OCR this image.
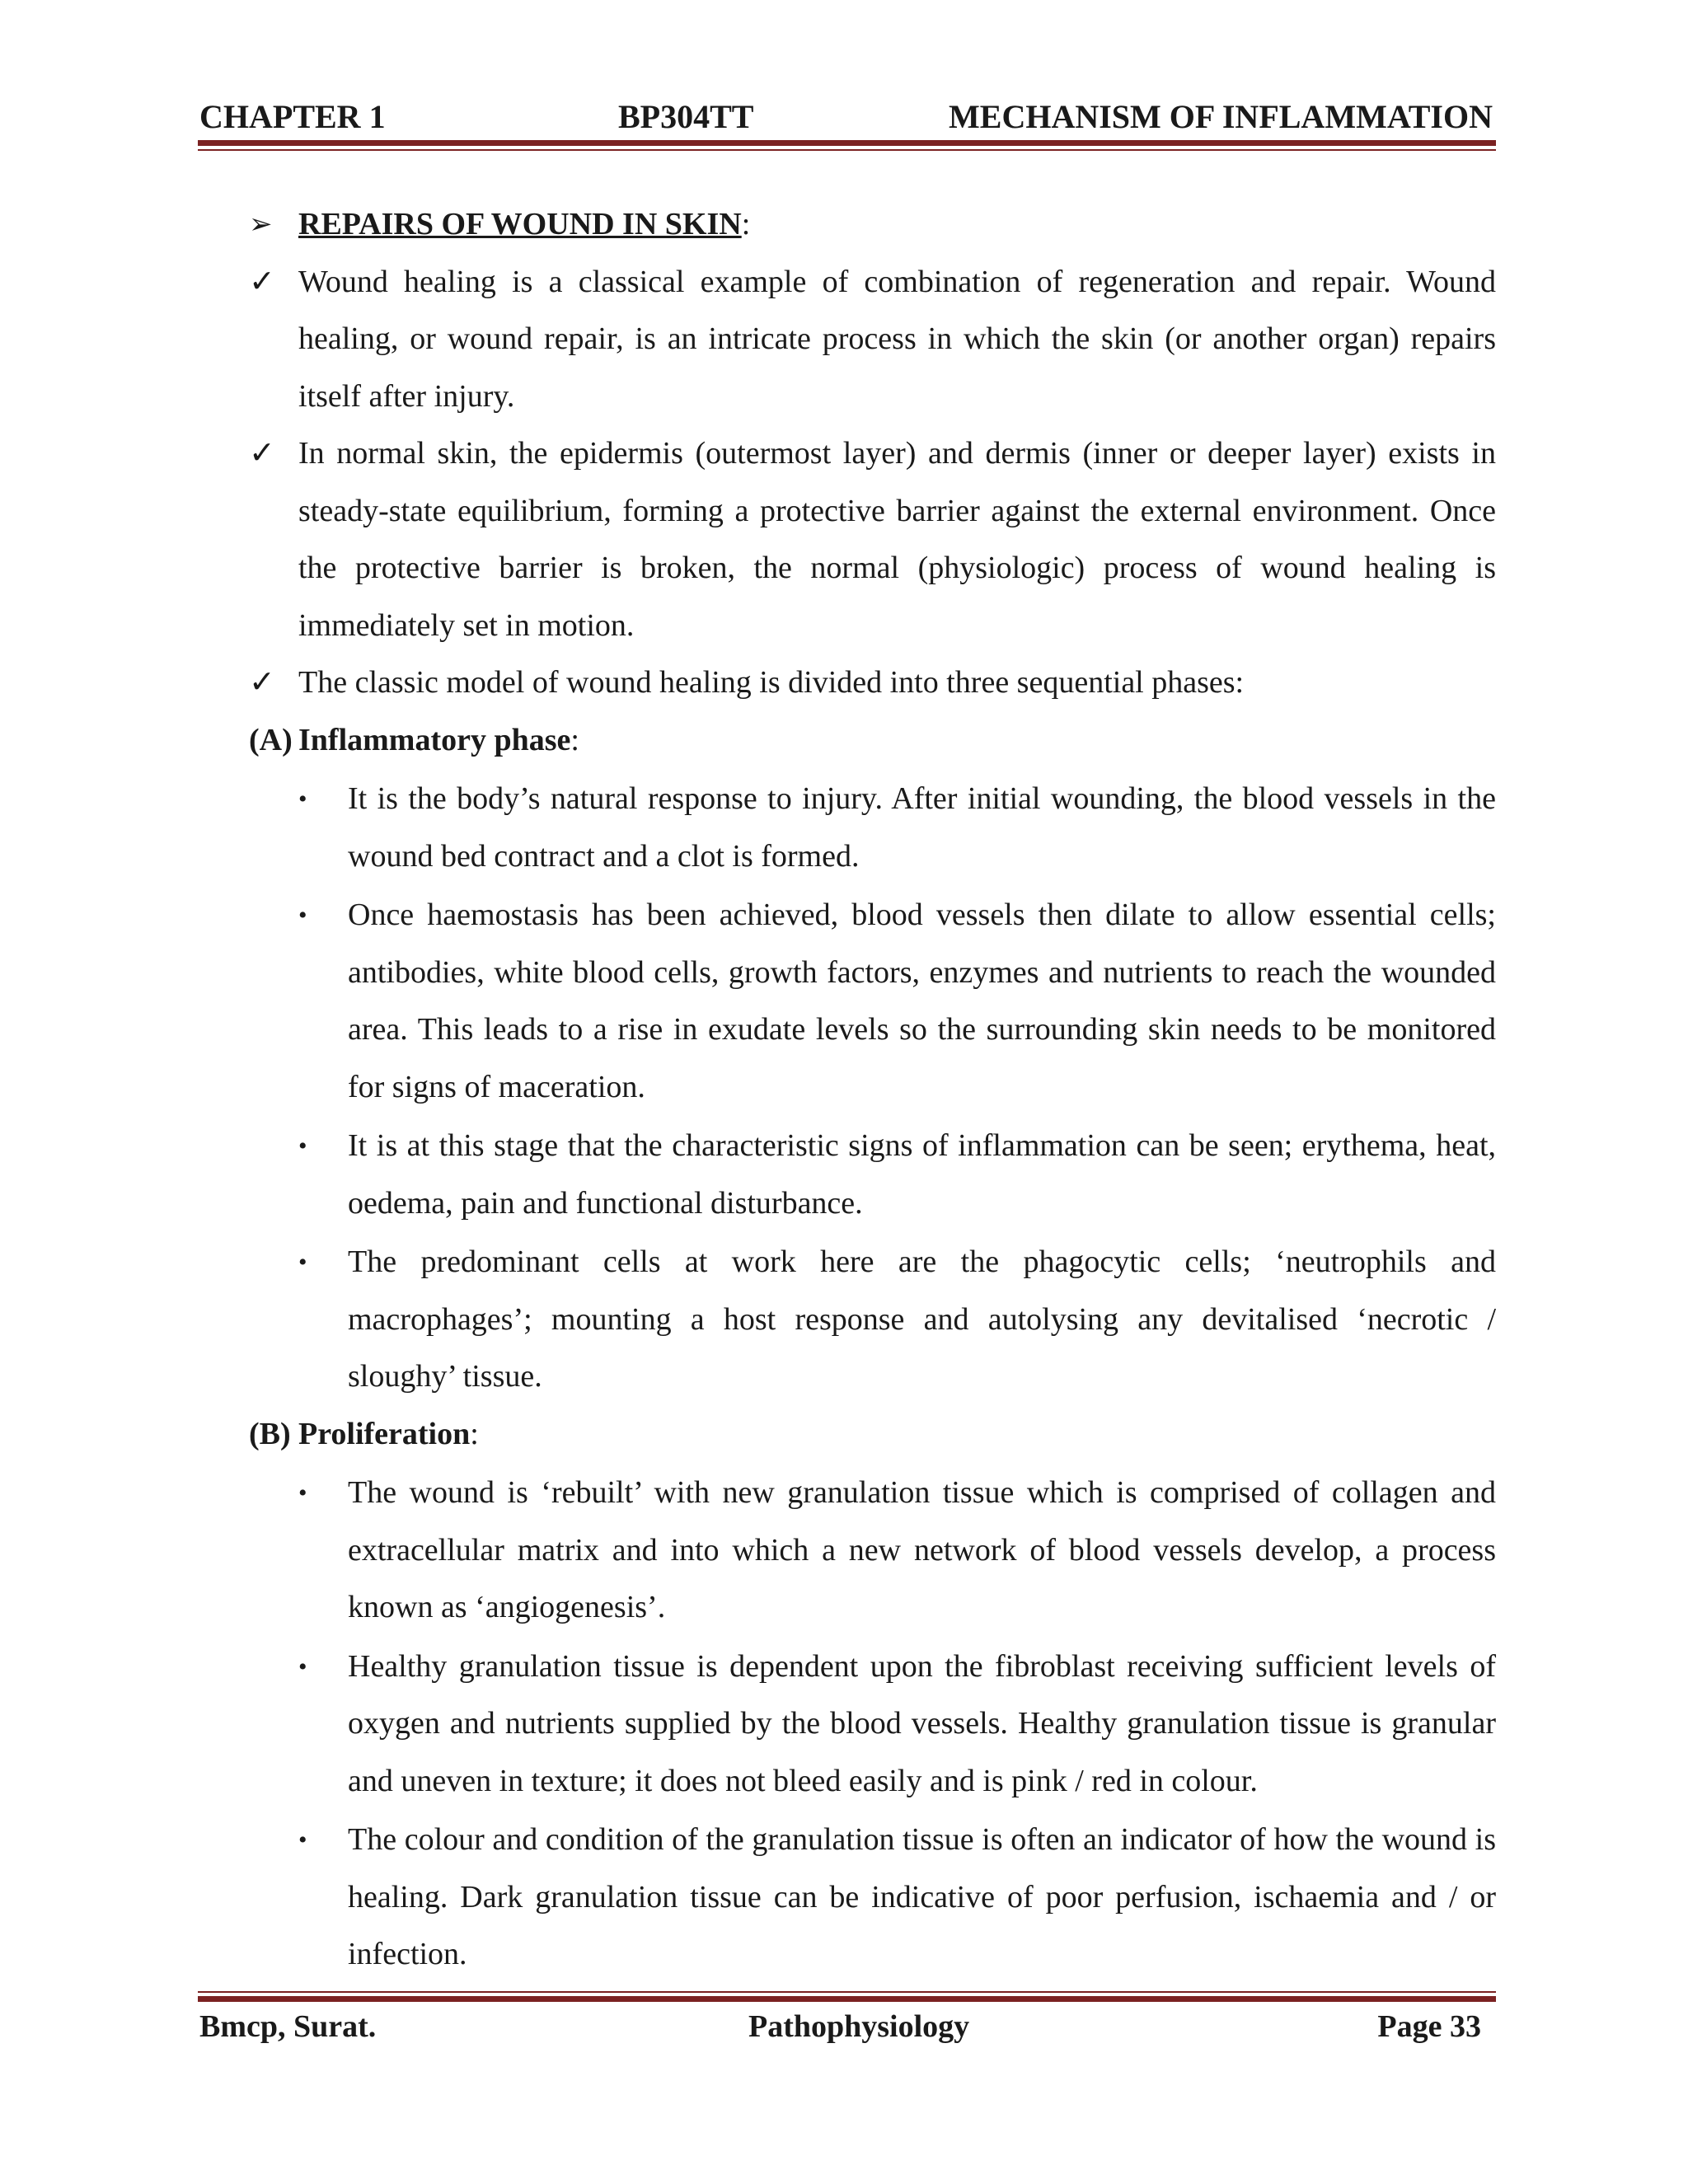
CHAPTER 1	BP304TT	MECHANISM OF INFLAMMATION
➢ REPAIRS OF WOUND IN SKIN:
✓ Wound healing is a classical example of combination of regeneration and repair. Wound healing, or wound repair, is an intricate process in which the skin (or another organ) repairs itself after injury.
✓ In normal skin, the epidermis (outermost layer) and dermis (inner or deeper layer) exists in steady-state equilibrium, forming a protective barrier against the external environment. Once the protective barrier is broken, the normal (physiologic) process of wound healing is immediately set in motion.
✓ The classic model of wound healing is divided into three sequential phases:
(A) Inflammatory phase:
• It is the body’s natural response to injury. After initial wounding, the blood vessels in the wound bed contract and a clot is formed.
• Once haemostasis has been achieved, blood vessels then dilate to allow essential cells; antibodies, white blood cells, growth factors, enzymes and nutrients to reach the wounded area. This leads to a rise in exudate levels so the surrounding skin needs to be monitored for signs of maceration.
• It is at this stage that the characteristic signs of inflammation can be seen; erythema, heat, oedema, pain and functional disturbance.
• The predominant cells at work here are the phagocytic cells; ‘neutrophils and macrophages’; mounting a host response and autolysing any devitalised ‘necrotic / sloughy’ tissue.
(B) Proliferation:
• The wound is ‘rebuilt’ with new granulation tissue which is comprised of collagen and extracellular matrix and into which a new network of blood vessels develop, a process known as ‘angiogenesis’.
• Healthy granulation tissue is dependent upon the fibroblast receiving sufficient levels of oxygen and nutrients supplied by the blood vessels. Healthy granulation tissue is granular and uneven in texture; it does not bleed easily and is pink / red in colour.
• The colour and condition of the granulation tissue is often an indicator of how the wound is healing. Dark granulation tissue can be indicative of poor perfusion, ischaemia and / or infection.
Bmcp, Surat.	Pathophysiology	Page 33
